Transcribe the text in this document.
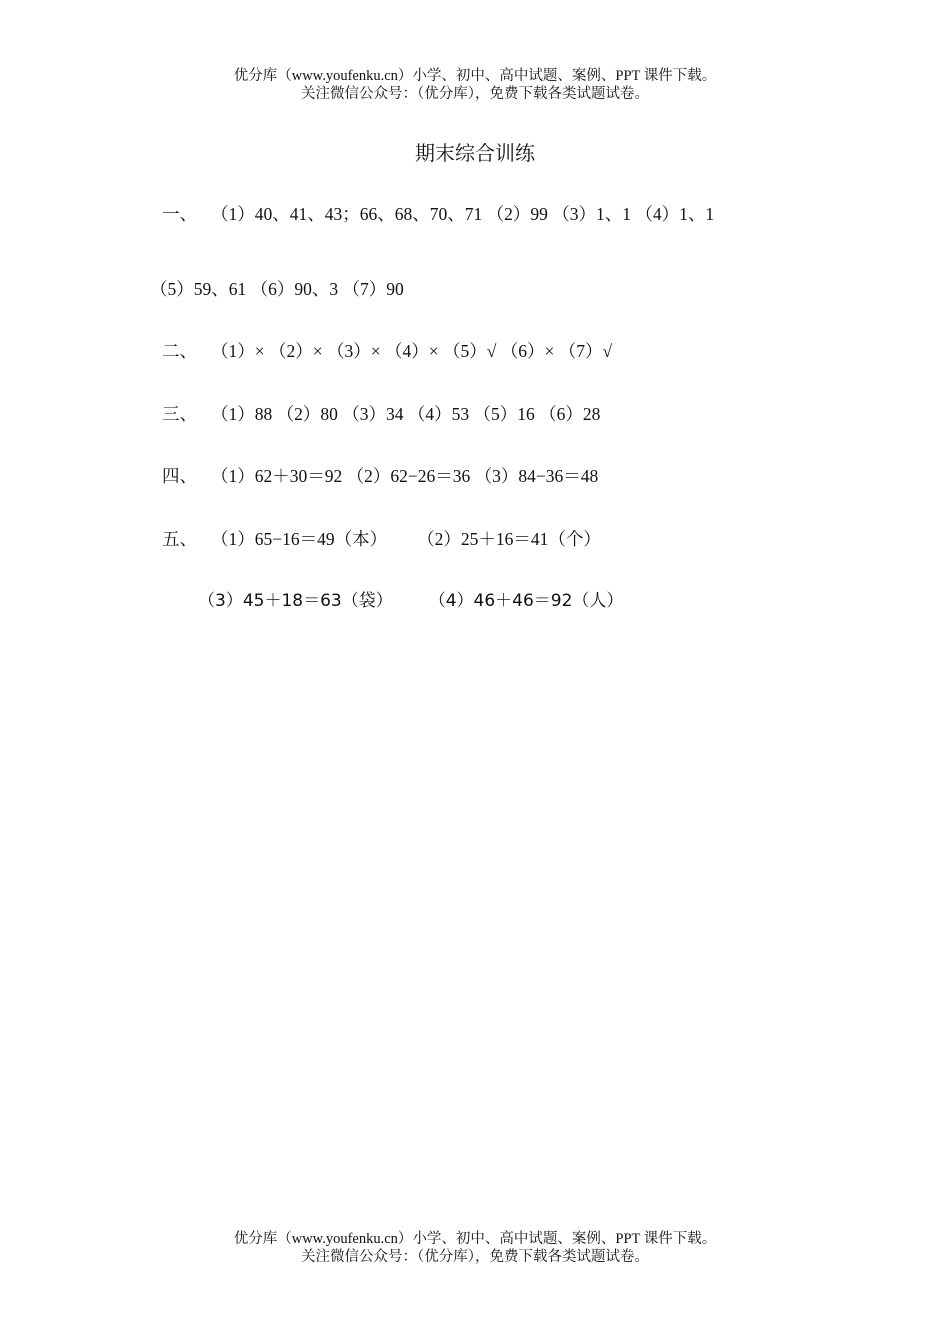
优分库（www.youfenku.cn）小学、初中、高中试题、案例、PPT 课件下载。
关注微信公众号：（优分库），免费下载各类试题试卷。
期末综合训练
一、 （1）40、41、43；66、68、70、71 （2）99 （3）1、1 （4）1、1
（5）59、61 （6）90、3 （7）90
二、 （1）× （2）× （3）× （4）× （5）√ （6）× （7）√
三、 （1）88 （2）80 （3）34 （4）53 （5）16 （6）28
四、 （1）62＋30＝92 （2）62−26＝36 （3）84−36＝48
五、 （1）65−16＝49（本） （2）25＋16＝41（个）
（3）45＋18＝63（袋） （4）46＋46＝92（人）
优分库（www.youfenku.cn）小学、初中、高中试题、案例、PPT 课件下载。
关注微信公众号：（优分库），免费下载各类试题试卷。
